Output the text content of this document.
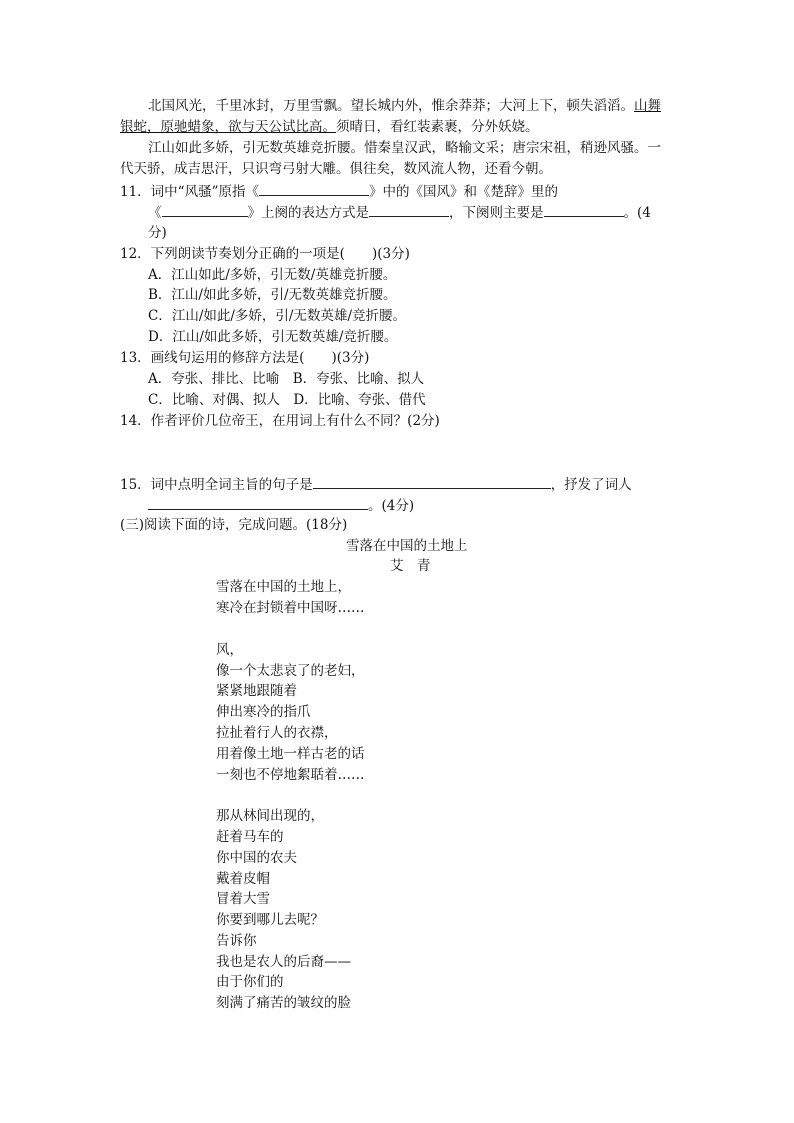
北国风光，千里冰封，万里雪飘。望长城内外，惟余莽莽；大河上下，顿失滔滔。山舞
银蛇，原驰蜡象，欲与天公试比高。须晴日，看红装素裹，分外妖娆。
江山如此多娇，引无数英雄竞折腰。惜秦皇汉武，略输文采；唐宗宋祖，稍逊风骚。一
代天骄，成吉思汗，只识弯弓射大雕。俱往矣，数风流人物，还看今朝。
11．词中“风骚”原指《	》中的《国风》和《楚辞》里的
《	》上阕的表达方式是	，下阕则主要是	。(4
分)
12．下列朗读节奏划分正确的一项是(　　)(3分)
A．江山如此/多娇，引无数/英雄竞折腰。
B．江山/如此多娇，引/无数英雄竞折腰。
C．江山/如此/多娇，引/无数英雄/竞折腰。
D．江山/如此多娇，引无数英雄/竞折腰。
13．画线句运用的修辞方法是(　　)(3分)
A．夸张、排比、比喻　B．夸张、比喻、拟人
C．比喻、对偶、拟人　D．比喻、夸张、借代
14．作者评价几位帝王，在用词上有什么不同？(2分)
15．词中点明全词主旨的句子是	，抒发了词人
。(4分)
(三)阅读下面的诗，完成问题。(18分)
雪落在中国的土地上
艾　青
雪落在中国的土地上，
寒冷在封锁着中国呀……
风，
像一个太悲哀了的老妇，
紧紧地跟随着
伸出寒冷的指爪
拉扯着行人的衣襟，
用着像土地一样古老的话
一刻也不停地絮聒着……
那从林间出现的，
赶着马车的
你中国的农夫
戴着皮帽
冒着大雪
你要到哪儿去呢？
告诉你
我也是农人的后裔——
由于你们的
刻满了痛苦的皱纹的脸
